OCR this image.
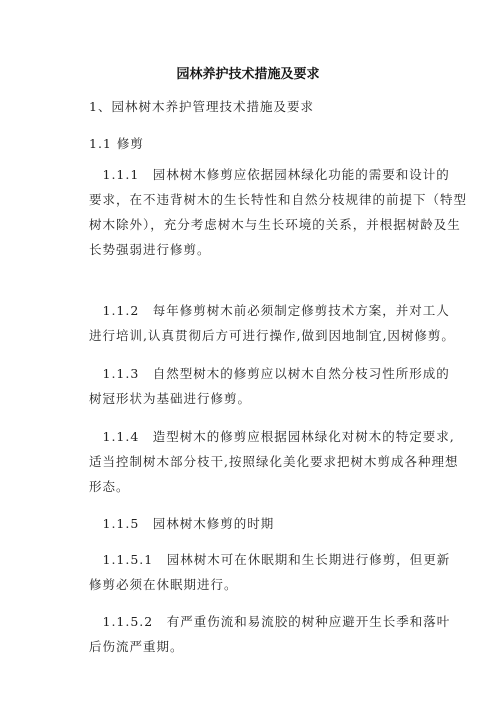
园林养护技术措施及要求
1、园林树木养护管理技术措施及要求
1.1 修剪
　1.1.1　园林树木修剪应依据园林绿化功能的需要和设计的
要求，在不违背树木的生长特性和自然分枝规律的前提下（特型
树木除外），充分考虑树木与生长环境的关系，并根据树龄及生
长势强弱进行修剪。
　1.1.2　每年修剪树木前必须制定修剪技术方案，并对工人
进行培训,认真贯彻后方可进行操作,做到因地制宜,因树修剪。
　1.1.3　自然型树木的修剪应以树木自然分枝习性所形成的
树冠形状为基础进行修剪。
　1.1.4　造型树木的修剪应根据园林绿化对树木的特定要求,
适当控制树木部分枝干,按照绿化美化要求把树木剪成各种理想
形态。
　1.1.5　园林树木修剪的时期
　1.1.5.1　园林树木可在休眠期和生长期进行修剪，但更新
修剪必须在休眠期进行。
　1.1.5.2　有严重伤流和易流胶的树种应避开生长季和落叶
后伤流严重期。
